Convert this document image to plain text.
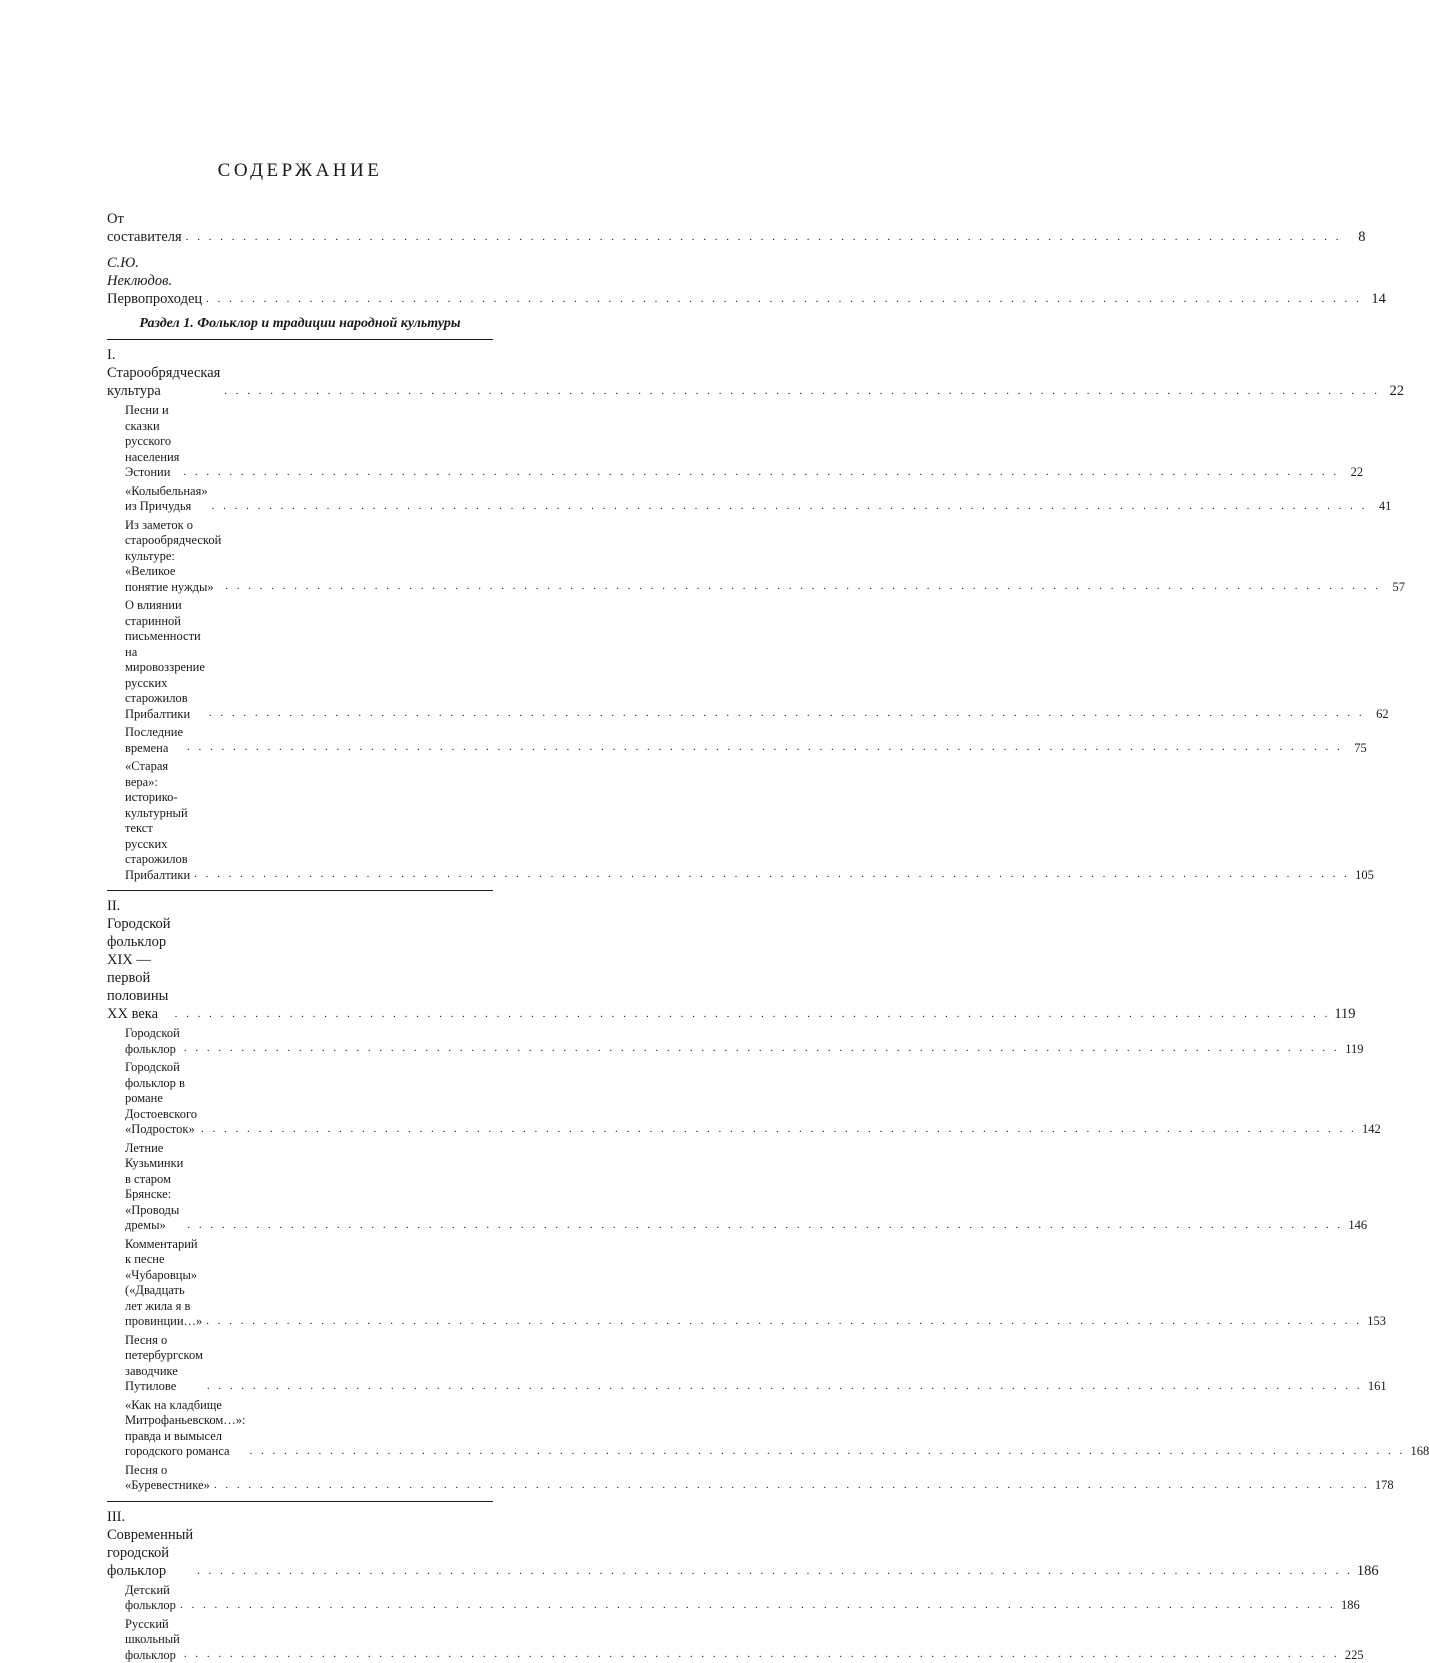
СОДЕРЖАНИЕ
От составителя . . .	8
С.Ю. Неклюдов. Первопроходец . . .	14
Раздел 1. Фольклор и традиции народной культуры
I. Старообрядческая культура . . .	22
Песни и сказки русского населения Эстонии . . .	22
«Колыбельная» из Причудья . . .	41
Из заметок о старообрядческой культуре:
«Великое понятие нужды» . . .	57
О влиянии старинной письменности на мировоззрение
русских старожилов Прибалтики . . .	62
Последние времена . . .	75
«Старая вера»: историко-культурный текст
русских старожилов Прибалтики . . .	105
II. Городской фольклор XIX — первой половины XX века . . .	119
Городской фольклор . . .	119
Городской фольклор в романе Достоевского «Подросток» . . .	142
Летние Кузьминки в старом Брянске: «Проводы дремы» . . .	146
Комментарий к песне «Чубаровцы»
(«Двадцать лет жила я в провинции…» . . .	153
Песня о петербургском заводчике Путилове . . .	161
«Как на кладбище Митрофаньевском…»:
правда и вымысел городского романса . . .	168
Песня о «Буревестнике» . . .	178
III. Современный городской фольклор . . .	186
Детский фольклор . . .	186
Русский школьный фольклор . . .	225
